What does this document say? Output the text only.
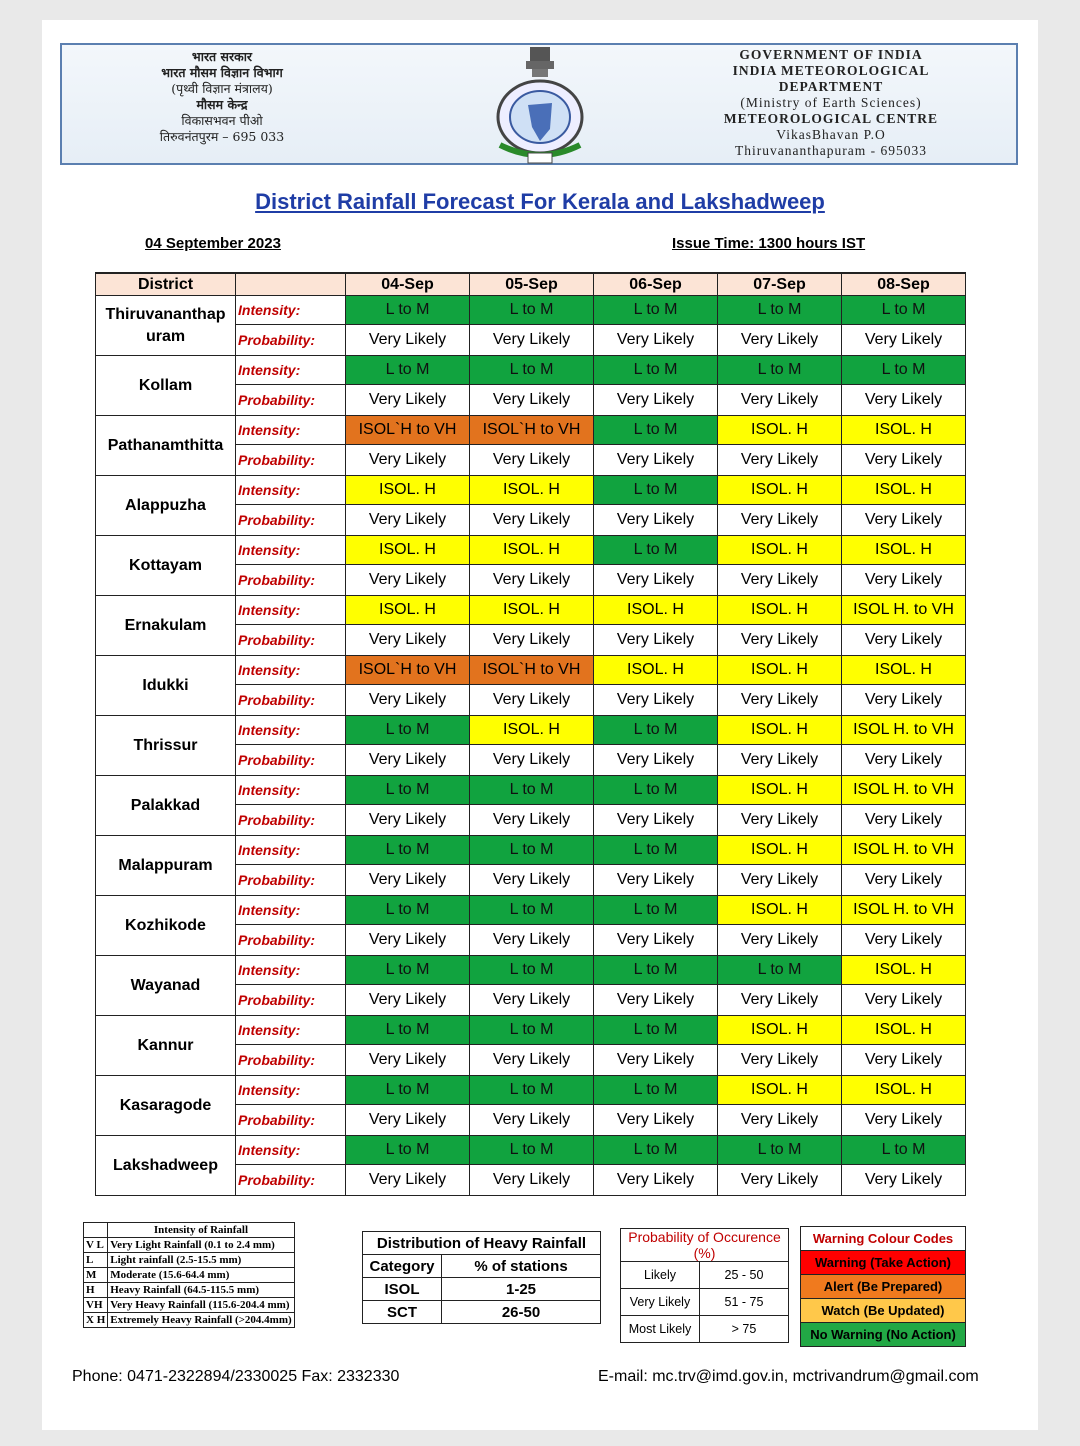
भारत सरकार
भारत मौसम विज्ञान विभाग
(पृथ्वी विज्ञान मंत्रालय)
मौसम केन्द्र
विकासभवन पीओ
तिरुवनंतपुरम – 695 033
GOVERNMENT OF INDIA
INDIA METEOROLOGICAL
DEPARTMENT
(Ministry of Earth Sciences)
METEOROLOGICAL CENTRE
VikasBhavan P.O
Thiruvananthapuram - 695033
District Rainfall Forecast For Kerala and Lakshadweep
04 September 2023	Issue Time: 1300 hours IST
District		04-Sep	05-Sep	06-Sep	07-Sep	08-Sep
Thiruvananthap uram	Intensity:	L to M	L to M	L to M	L to M	L to M
	Probability:	Very Likely	Very Likely	Very Likely	Very Likely	Very Likely
Kollam	Intensity:	L to M	L to M	L to M	L to M	L to M
	Probability:	Very Likely	Very Likely	Very Likely	Very Likely	Very Likely
Pathanamthitta	Intensity:	ISOL`H to VH	ISOL`H to VH	L to M	ISOL. H	ISOL. H
	Probability:	Very Likely	Very Likely	Very Likely	Very Likely	Very Likely
Alappuzha	Intensity:	ISOL. H	ISOL. H	L to M	ISOL. H	ISOL. H
	Probability:	Very Likely	Very Likely	Very Likely	Very Likely	Very Likely
Kottayam	Intensity:	ISOL. H	ISOL. H	L to M	ISOL. H	ISOL. H
	Probability:	Very Likely	Very Likely	Very Likely	Very Likely	Very Likely
Ernakulam	Intensity:	ISOL. H	ISOL. H	ISOL. H	ISOL. H	ISOL H. to VH
	Probability:	Very Likely	Very Likely	Very Likely	Very Likely	Very Likely
Idukki	Intensity:	ISOL`H to VH	ISOL`H to VH	ISOL. H	ISOL. H	ISOL. H
	Probability:	Very Likely	Very Likely	Very Likely	Very Likely	Very Likely
Thrissur	Intensity:	L to M	ISOL. H	L to M	ISOL. H	ISOL H. to VH
	Probability:	Very Likely	Very Likely	Very Likely	Very Likely	Very Likely
Palakkad	Intensity:	L to M	L to M	L to M	ISOL. H	ISOL H. to VH
	Probability:	Very Likely	Very Likely	Very Likely	Very Likely	Very Likely
Malappuram	Intensity:	L to M	L to M	L to M	ISOL. H	ISOL H. to VH
	Probability:	Very Likely	Very Likely	Very Likely	Very Likely	Very Likely
Kozhikode	Intensity:	L to M	L to M	L to M	ISOL. H	ISOL H. to VH
	Probability:	Very Likely	Very Likely	Very Likely	Very Likely	Very Likely
Wayanad	Intensity:	L to M	L to M	L to M	L to M	ISOL. H
	Probability:	Very Likely	Very Likely	Very Likely	Very Likely	Very Likely
Kannur	Intensity:	L to M	L to M	L to M	ISOL. H	ISOL. H
	Probability:	Very Likely	Very Likely	Very Likely	Very Likely	Very Likely
Kasaragode	Intensity:	L to M	L to M	L to M	ISOL. H	ISOL. H
	Probability:	Very Likely	Very Likely	Very Likely	Very Likely	Very Likely
Lakshadweep	Intensity:	L to M	L to M	L to M	L to M	L to M
	Probability:	Very Likely	Very Likely	Very Likely	Very Likely	Very Likely
	Intensity of Rainfall
V L	Very Light Rainfall (0.1 to 2.4 mm)
L	Light rainfall (2.5-15.5 mm)
M	Moderate (15.6-64.4 mm)
H	Heavy Rainfall (64.5-115.5 mm)
VH	Very Heavy Rainfall (115.6-204.4 mm)
X H	Extremely Heavy Rainfall (>204.4mm)
Distribution of Heavy Rainfall	
Category	% of stations
ISOL	1-25
SCT	26-50
Probability of Occurence (%)	
Likely	25 - 50
Very Likely	51 - 75
Most Likely	> 75
Warning Colour Codes
Warning (Take Action)
Alert (Be Prepared)
Watch (Be Updated)
No Warning (No Action)
Phone: 0471-2322894/2330025 Fax: 2332330	E-mail: mc.trv@imd.gov.in, mctrivandrum@gmail.com
